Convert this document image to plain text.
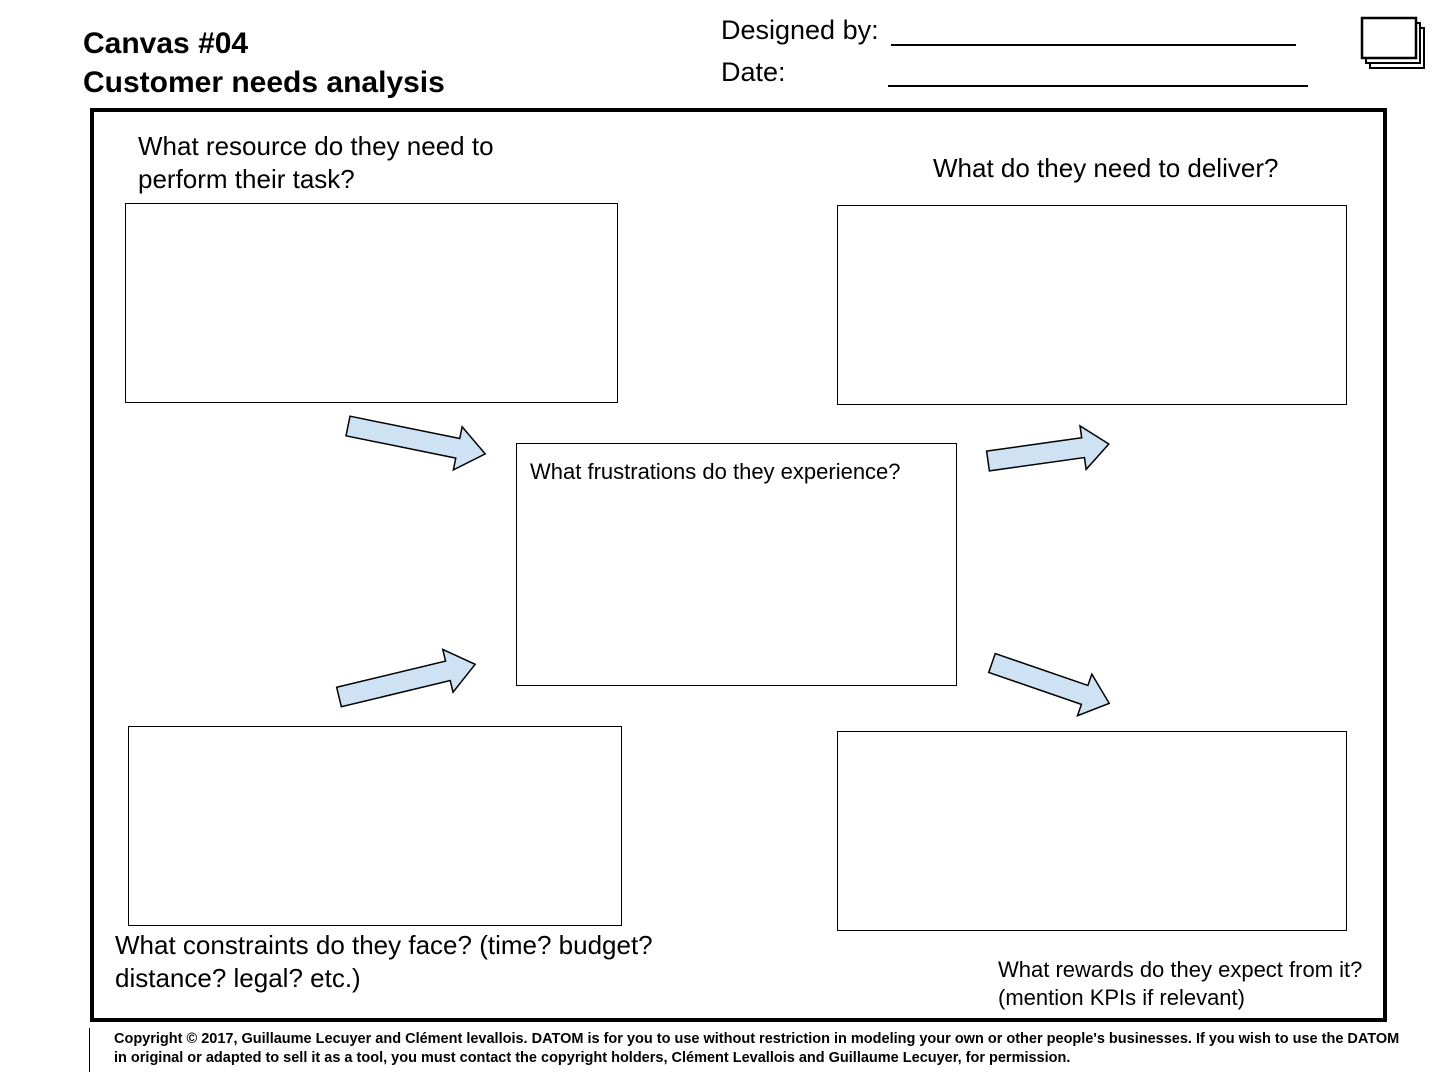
Canvas #04
Customer needs analysis
Designed by:
Date:
What resource do they need to perform their task?	What do they need to deliver?
What frustrations do they experience?
What constraints do they face? (time? budget? distance? legal? etc.)	What rewards do they expect from it? (mention KPIs if relevant)
Copyright © 2017, Guillaume Lecuyer and Clément levallois. DATOM is for you to use without restriction in modeling your own or other people's businesses. If you wish to use the DATOM in original or adapted to sell it as a tool, you must contact the copyright holders, Clément Levallois and Guillaume Lecuyer, for permission.
